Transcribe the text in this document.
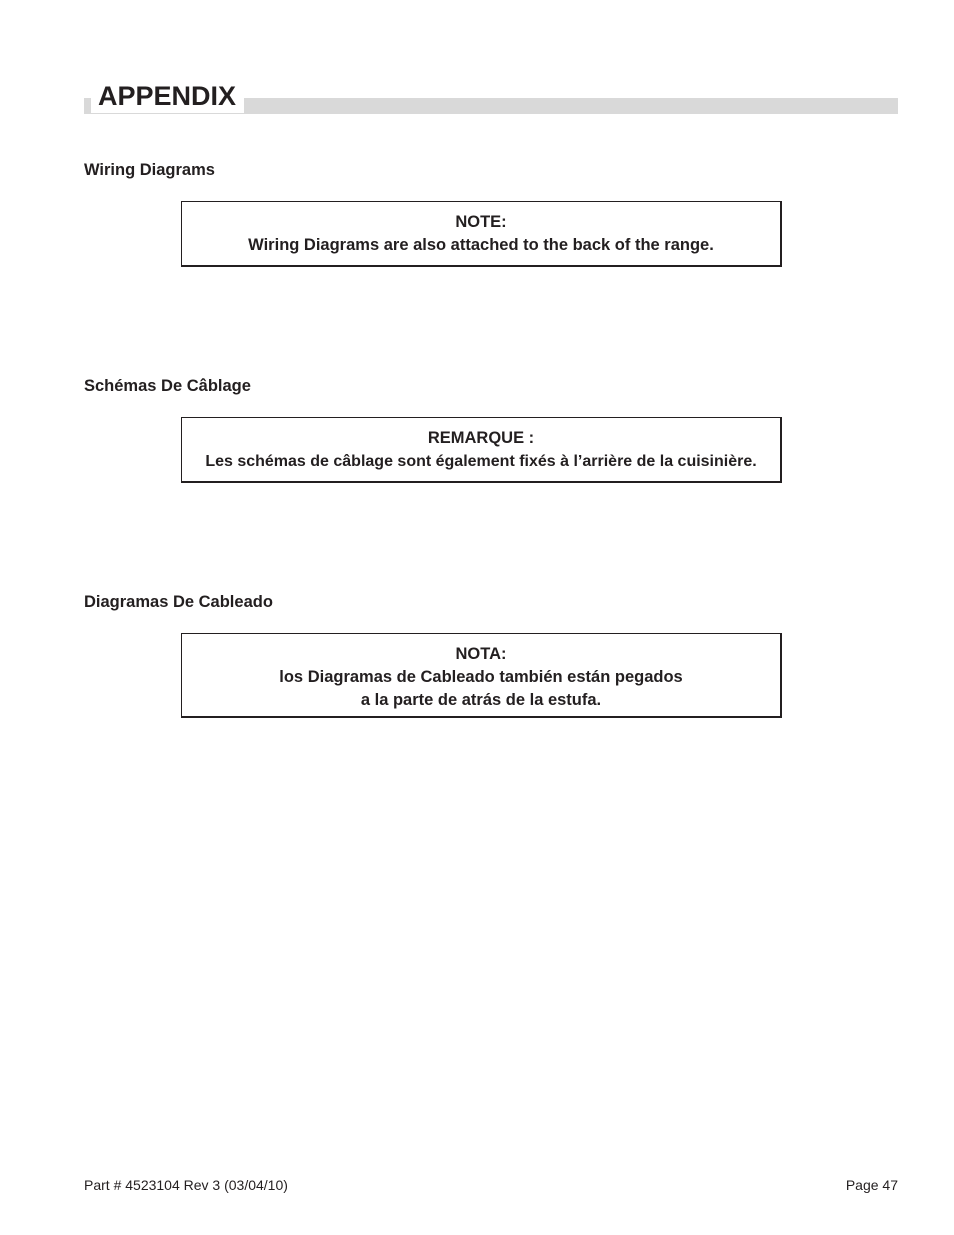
APPENDIX
Wiring Diagrams
NOTE:
Wiring Diagrams are also attached to the back of the range.
Schémas De Câblage
REMARQUE :
Les schémas de câblage sont également fixés à l’arrière de la cuisinière.
Diagramas De Cableado
NOTA:
los Diagramas de Cableado también están pegados
a la parte de atrás de la estufa.
Part # 4523104 Rev 3 (03/04/10)	Page 47
